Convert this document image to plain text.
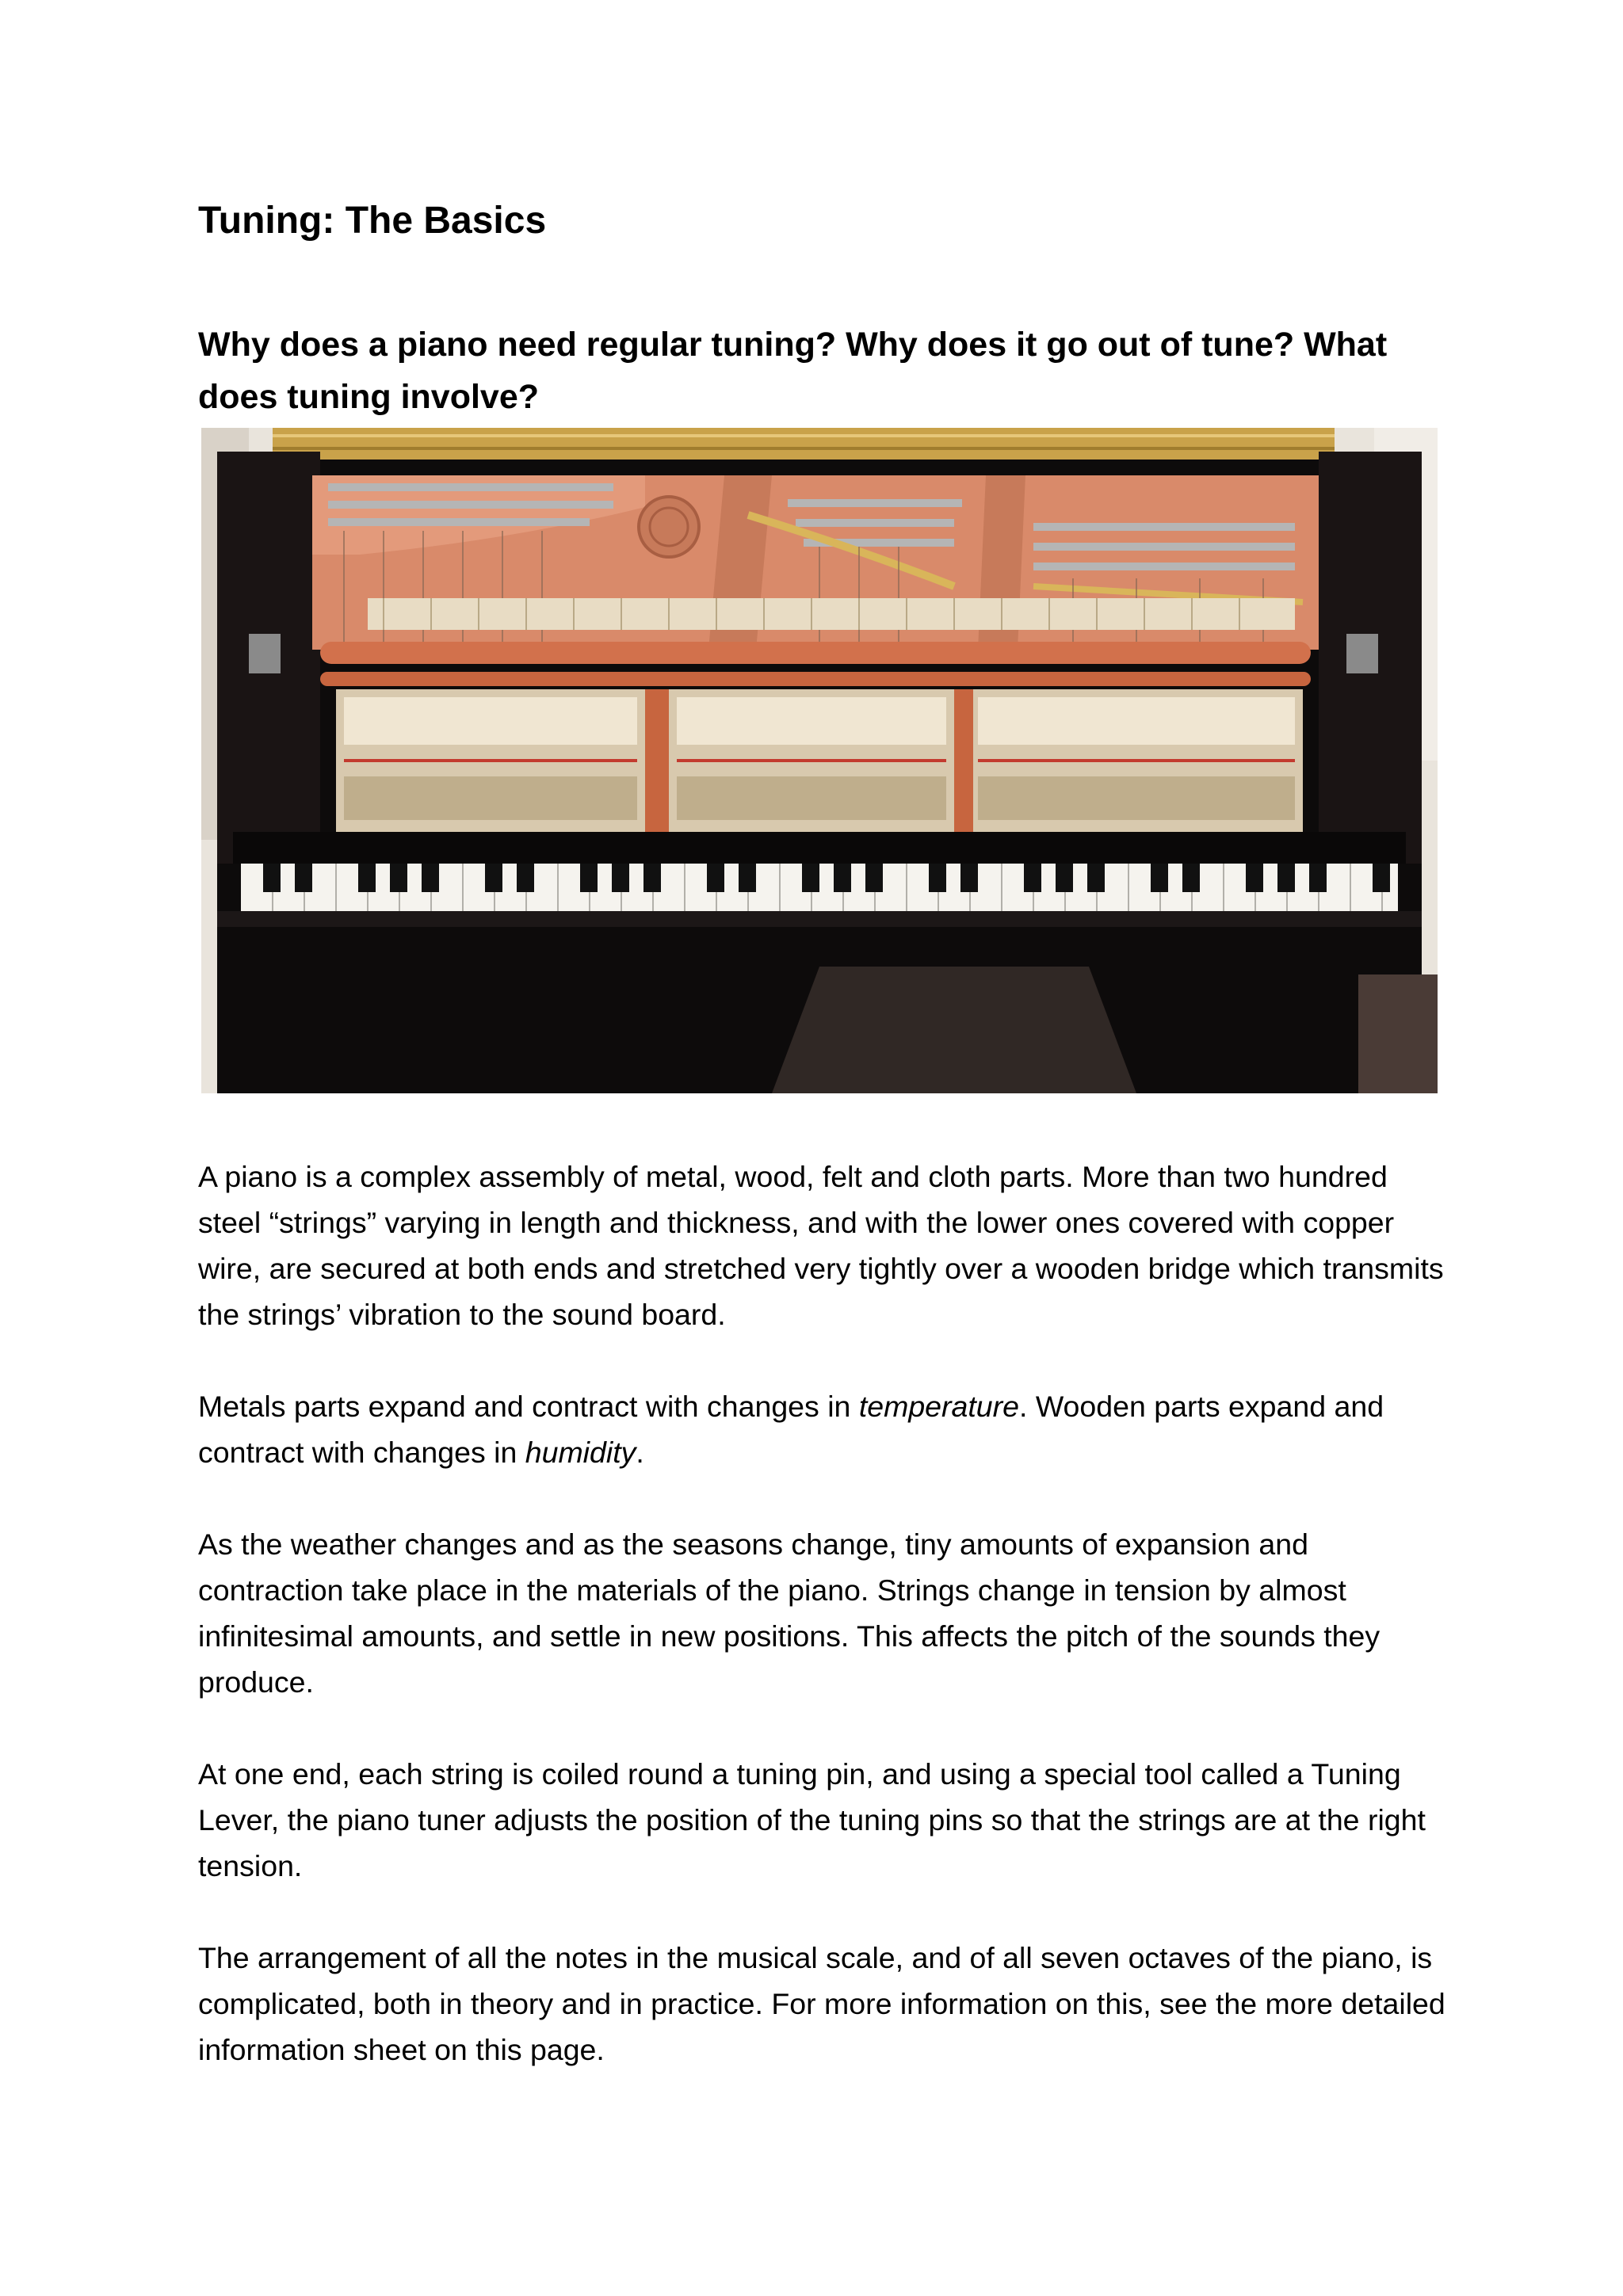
Tuning: The Basics
Why does a piano need regular tuning? Why does it go out of tune? What does tuning involve?

A piano is a complex assembly of metal, wood, felt and cloth parts. More than two hundred steel “strings” varying in length and thickness, and with the lower ones covered with copper wire, are secured at both ends and stretched very tightly over a wooden bridge which transmits the strings’ vibration to the sound board.

Metals parts expand and contract with changes in temperature. Wooden parts expand and contract with changes in humidity.

As the weather changes and as the seasons change, tiny amounts of expansion and contraction take place in the materials of the piano. Strings change in tension by almost infinitesimal amounts, and settle in new positions. This affects the pitch of the sounds they produce.

At one end, each string is coiled round a tuning pin, and using a special tool called a Tuning Lever, the piano tuner adjusts the position of the tuning pins so that the strings are at the right tension.

The arrangement of all the notes in the musical scale, and of all seven octaves of the piano, is complicated, both in theory and in practice. For more information on this, see the more detailed information sheet on this page.
